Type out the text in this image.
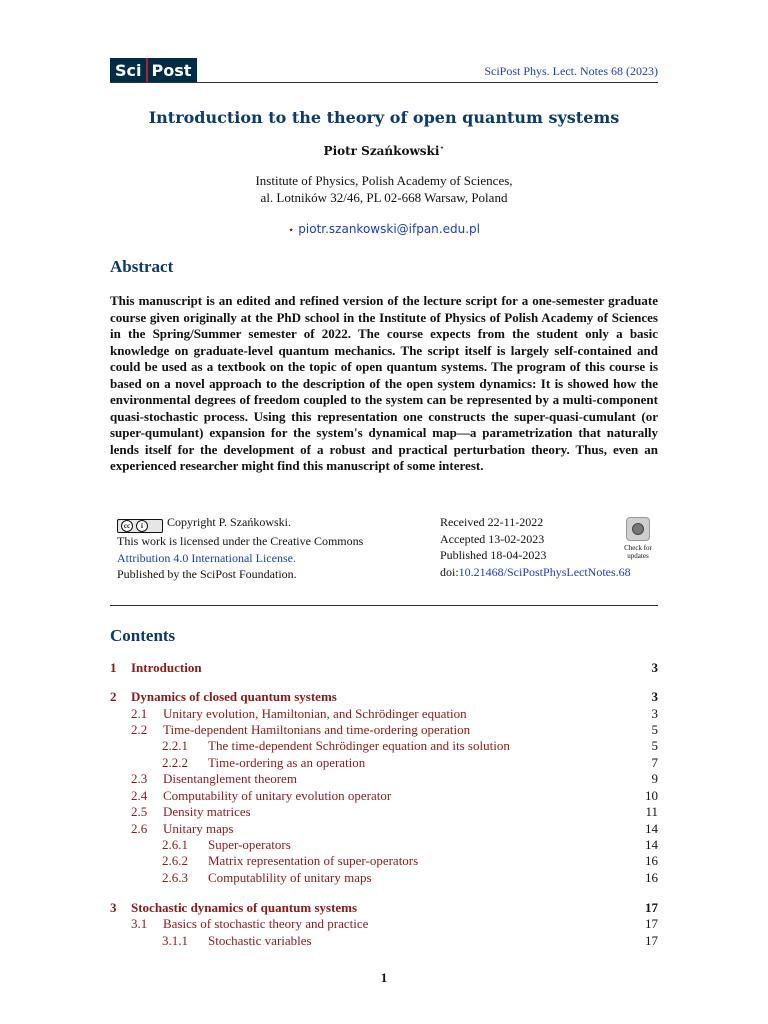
Sci Post	SciPost Phys. Lect. Notes 68 (2023)
Introduction to the theory of open quantum systems
Piotr Szańkowski⋆
Institute of Physics, Polish Academy of Sciences,
al. Lotników 32/46, PL 02-668 Warsaw, Poland
⋆ piotr.szankowski@ifpan.edu.pl
Abstract
This manuscript is an edited and refined version of the lecture script for a one-semester graduate course given originally at the PhD school in the Institute of Physics of Polish Academy of Sciences in the Spring/Summer semester of 2022. The course expects from the student only a basic knowledge on graduate-level quantum mechanics. The script itself is largely self-contained and could be used as a textbook on the topic of open quantum systems. The program of this course is based on a novel approach to the description of the open system dynamics: It is showed how the environmental degrees of freedom coupled to the system can be represented by a multi-component quasi-stochastic process. Using this representation one constructs the super-quasi-cumulant (or super-qumulant) expansion for the system's dynamical map—a parametrization that naturally lends itself for the development of a robust and practical perturbation theory. Thus, even an experienced researcher might find this manuscript of some interest.
cc	i	Copyright P. Szańkowski.
This work is licensed under the Creative Commons
Attribution 4.0 International License.
Published by the SciPost Foundation.
Received 22-11-2022
Accepted 13-02-2023
Published 18-04-2023
doi:10.21468/SciPostPhysLectNotes.68
Check for
updates
Contents
1 Introduction	3
2 Dynamics of closed quantum systems	3
2.1 Unitary evolution, Hamiltonian, and Schrödinger equation	3
2.2 Time-dependent Hamiltonians and time-ordering operation	5
2.2.1 The time-dependent Schrödinger equation and its solution	5
2.2.2 Time-ordering as an operation	7
2.3 Disentanglement theorem	9
2.4 Computability of unitary evolution operator	10
2.5 Density matrices	11
2.6 Unitary maps	14
2.6.1 Super-operators	14
2.6.2 Matrix representation of super-operators	16
2.6.3 Computablility of unitary maps	16
3 Stochastic dynamics of quantum systems	17
3.1 Basics of stochastic theory and practice	17
3.1.1 Stochastic variables	17
1
